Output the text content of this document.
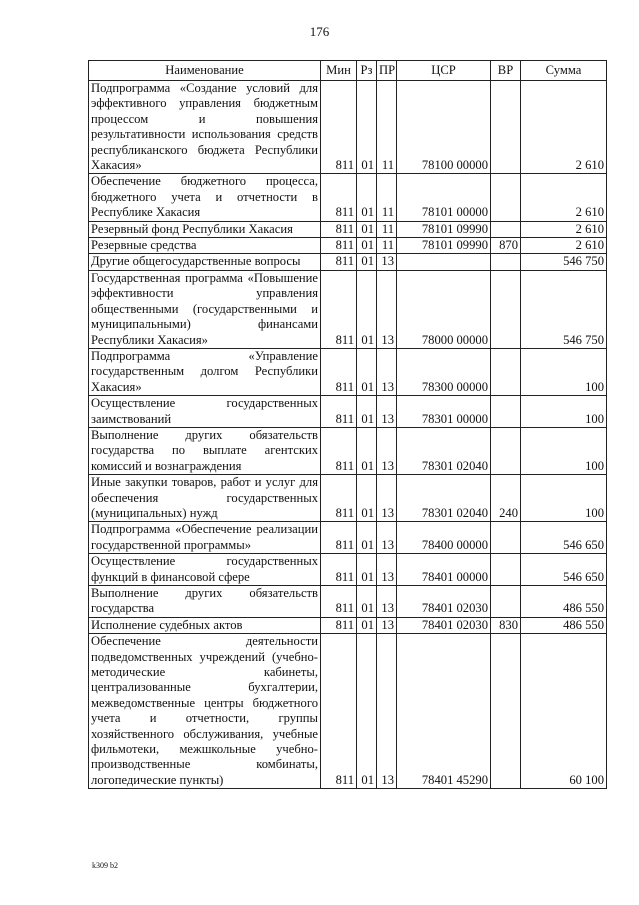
176
Наименование	Мин	Рз	ПР	ЦСР	ВР	Сумма
Подпрограмма «Создание условий для эффективного управления бюджетным процессом и повышения результативности использования средств республиканского бюджета Республики Хакасия»	811	01	11	78100 00000		2 610
Обеспечение бюджетного процесса, бюджетного учета и отчетности в Республике Хакасия	811	01	11	78101 00000		2 610
Резервный фонд Республики Хакасия	811	01	11	78101 09990		2 610
Резервные средства	811	01	11	78101 09990	870	2 610
Другие общегосударственные вопросы	811	01	13			546 750
Государственная программа «Повышение эффективности управления общественными (государственными и муниципальными) финансами Республики Хакасия»	811	01	13	78000 00000		546 750
Подпрограмма «Управление государственным долгом Республики Хакасия»	811	01	13	78300 00000		100
Осуществление государственных заимствований	811	01	13	78301 00000		100
Выполнение других обязательств государства по выплате агентских комиссий и вознаграждения	811	01	13	78301 02040		100
Иные закупки товаров, работ и услуг для обеспечения государственных (муниципальных) нужд	811	01	13	78301 02040	240	100
Подпрограмма «Обеспечение реализации государственной программы»	811	01	13	78400 00000		546 650
Осуществление государственных функций в финансовой сфере	811	01	13	78401 00000		546 650
Выполнение других обязательств государства	811	01	13	78401 02030		486 550
Исполнение судебных актов	811	01	13	78401 02030	830	486 550
Обеспечение деятельности подведомственных учреждений (учебно-методические кабинеты, централизованные бухгалтерии, межведомственные центры бюджетного учета и отчетности, группы хозяйственного обслуживания, учебные фильмотеки, межшкольные учебно-производственные комбинаты, логопедические пункты)	811	01	13	78401 45290		60 100
k309 b2
